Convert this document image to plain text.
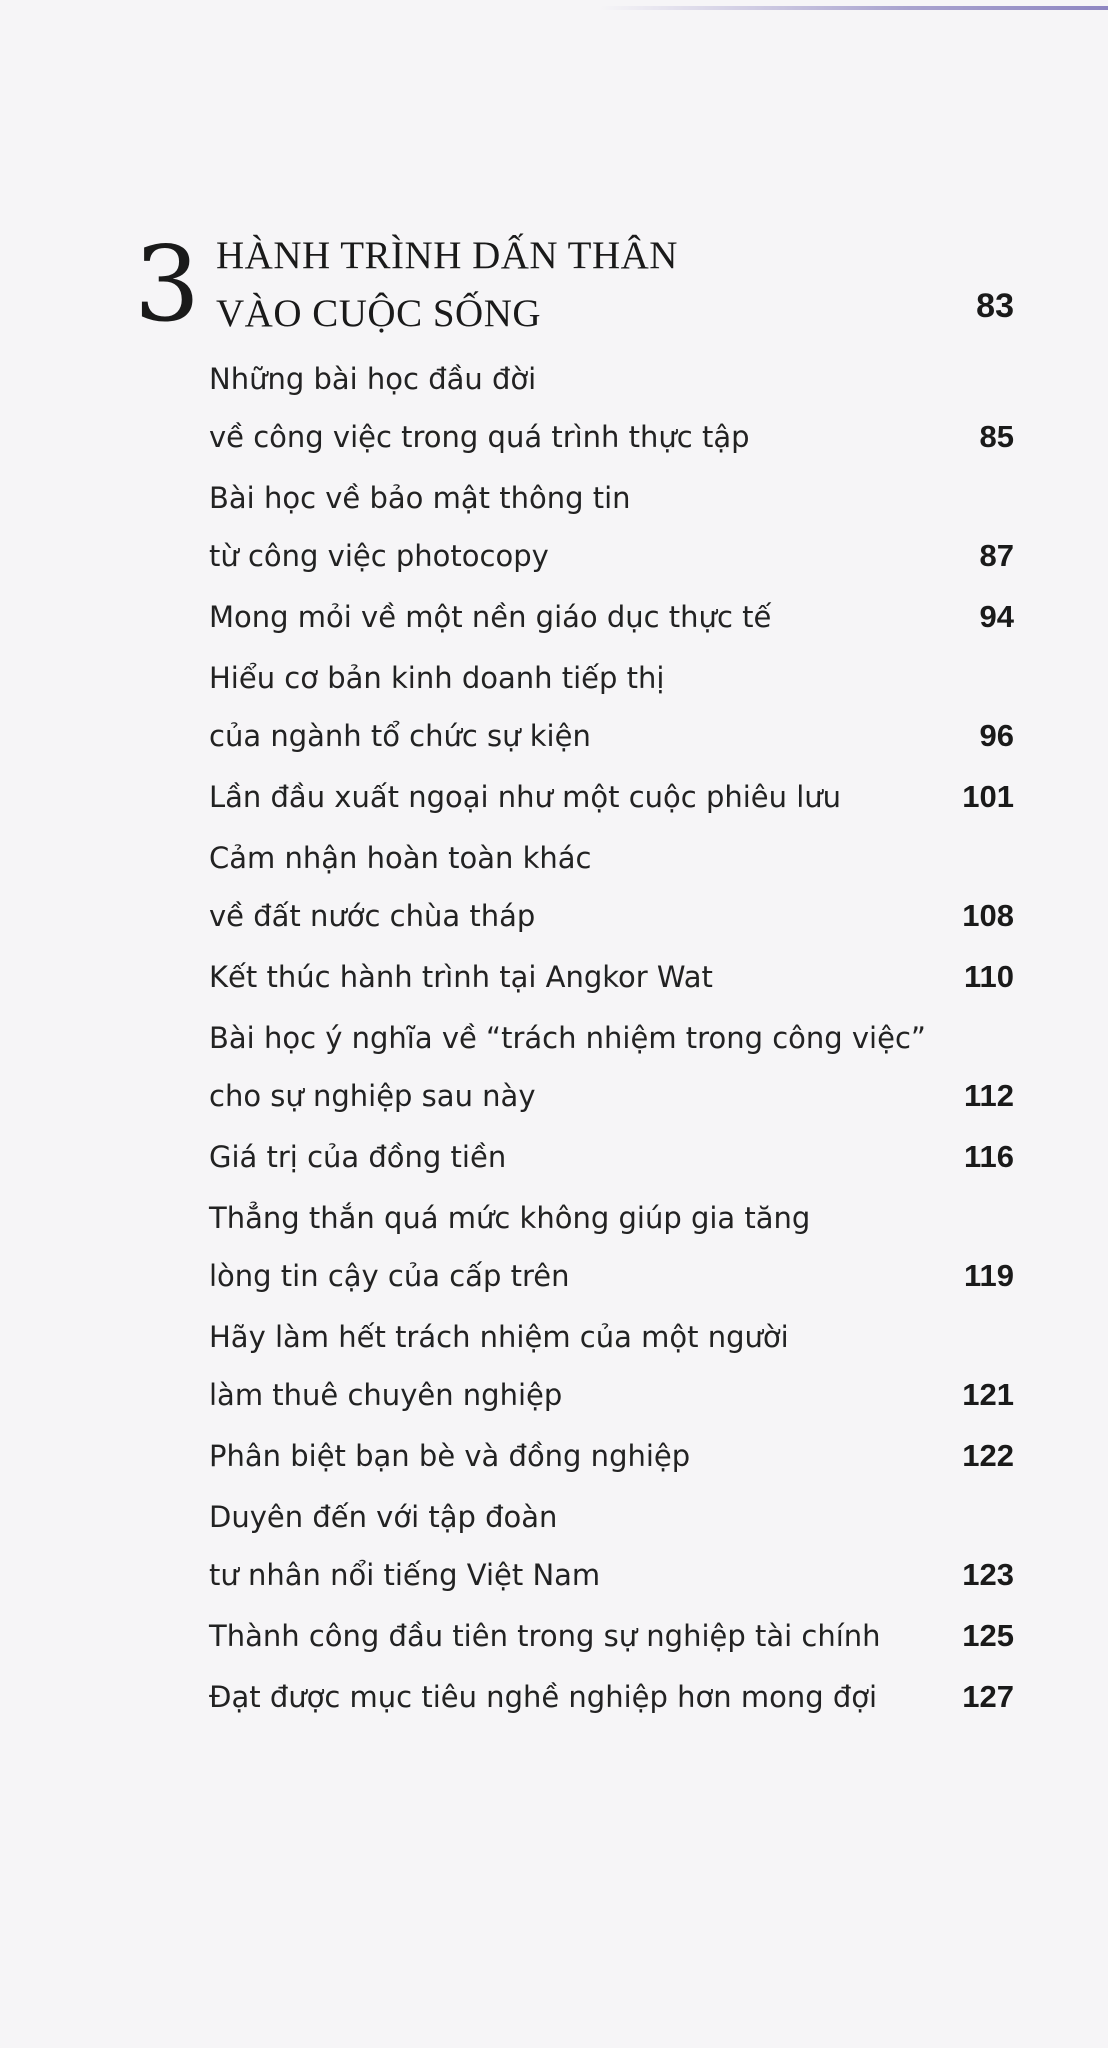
3 HÀNH TRÌNH DẤN THÂN
VÀO CUỘC SỐNG	83
Những bài học đầu đời
về công việc trong quá trình thực tập	85
Bài học về bảo mật thông tin
từ công việc photocopy	87
Mong mỏi về một nền giáo dục thực tế	94
Hiểu cơ bản kinh doanh tiếp thị
của ngành tổ chức sự kiện	96
Lần đầu xuất ngoại như một cuộc phiêu lưu	101
Cảm nhận hoàn toàn khác
về đất nước chùa tháp	108
Kết thúc hành trình tại Angkor Wat	110
Bài học ý nghĩa về “trách nhiệm trong công việc”
cho sự nghiệp sau này	112
Giá trị của đồng tiền	116
Thẳng thắn quá mức không giúp gia tăng
lòng tin cậy của cấp trên	119
Hãy làm hết trách nhiệm của một người
làm thuê chuyên nghiệp	121
Phân biệt bạn bè và đồng nghiệp	122
Duyên đến với tập đoàn
tư nhân nổi tiếng Việt Nam	123
Thành công đầu tiên trong sự nghiệp tài chính	125
Đạt được mục tiêu nghề nghiệp hơn mong đợi	127
